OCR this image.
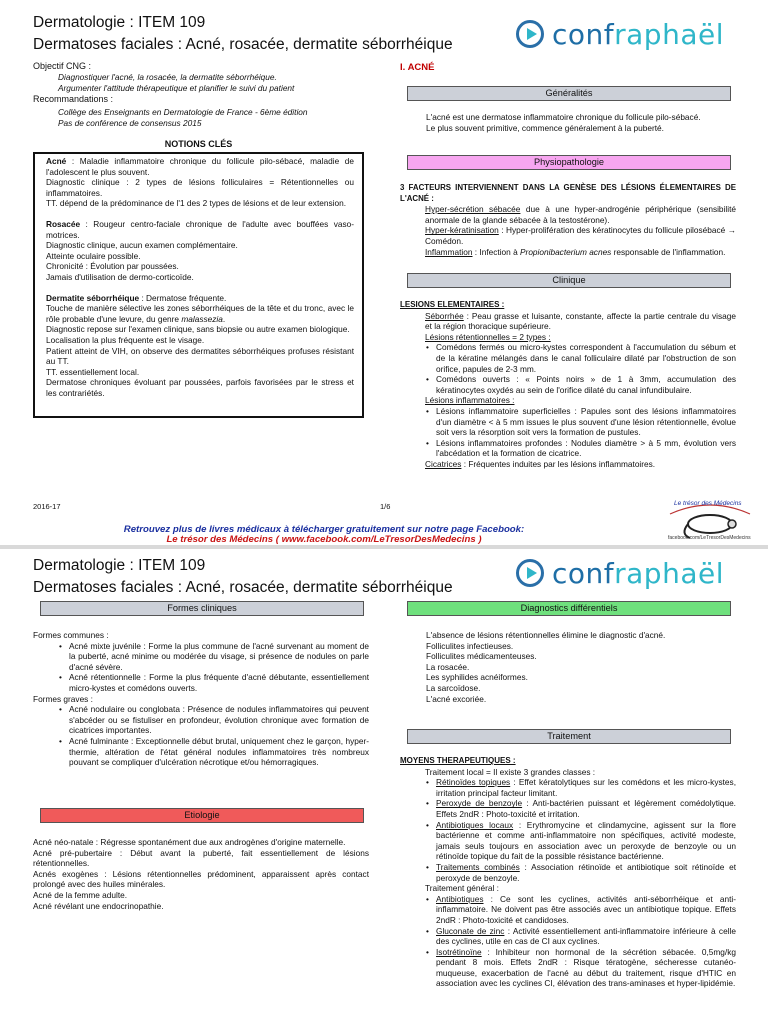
Dermatologie : ITEM 109
Dermatoses faciales : Acné, rosacée, dermatite séborrhéique	confraphaël
Objectif CNG :
Diagnostiquer l'acné, la rosacée, la dermatite séborrhéique.
Argumenter l'attitude thérapeutique et planifier le suivi du patient
Recommandations :
Collège des Enseignants en Dermatologie de France - 6ème édition
Pas de conférence de consensus 2015
NOTIONS CLÉS

Acné : Maladie inflammatoire chronique du follicule pilo-sébacé, maladie de l'adolescent le plus souvent.

Diagnostic clinique : 2 types de lésions folliculaires = Rétentionnelles ou inflammatoires.

TT. dépend de la prédominance de l'1 des 2 types de lésions et de leur extension.

Rosacée : Rougeur centro-faciale chronique de l'adulte avec bouffées vaso-motrices.

Diagnostic clinique, aucun examen complémentaire.

Atteinte oculaire possible.

Chronicité : Évolution par poussées.

Jamais d'utilisation de dermo-corticoïde.

Dermatite séborrhéique : Dermatose fréquente.

Touche de manière sélective les zones séborrhéiques de la tête et du tronc, avec le rôle probable d'une levure, du genre malassezia.

Diagnostic repose sur l'examen clinique, sans biopsie ou autre examen biologique.

Localisation la plus fréquente est le visage.

Patient atteint de VIH, on observe des dermatites séborrhéiques profuses résistant au TT.

TT. essentiellement local.

Dermatose chroniques évoluant par poussées, parfois favorisées par le stress et les contrariétés.

I. ACNÉ
Généralités

L'acné est une dermatose inflammatoire chronique du follicule pilo-sébacé.

Le plus souvent primitive, commence généralement à la puberté.

Physiopathologie

3 FACTEURS INTERVIENNENT DANS LA GENÈSE DES LÉSIONS ÉLEMENTAIRES DE L'ACNÉ :

Hyper-sécrétion sébacée due à une hyper-androgénie périphérique (sensibilité anormale de la glande sébacée à la testostérone).

Hyper-kératinisation : Hyper-prolifération des kératinocytes du follicule pilosébacé → Comédon.

Inflammation : Infection à Propionibacterium acnes responsable de l'inflammation.

Clinique

LESIONS ELEMENTAIRES :

Séborrhée : Peau grasse et luisante, constante, affecte la partie centrale du visage et la région thoracique supérieure.

Lésions rétentionnelles = 2 types :

• Comédons fermés ou micro-kystes correspondent à l'accumulation du sébum et de la kératine mélangés dans le canal folliculaire dilaté par l'obstruction de son orifice, papules de 2-3 mm.
• Comédons ouverts : « Points noirs » de 1 à 3mm, accumulation des kératinocytes oxydés au sein de l'orifice dilaté du canal infundibulaire.

Lésions inflammatoires :

• Lésions inflammatoire superficielles : Papules sont des lésions inflammatoires d'un diamètre < à 5 mm issues le plus souvent d'une lésion rétentionnelle, évolue soit vers la résorption soit vers la formation de pustules.
• Lésions inflammatoires profondes : Nodules diamètre > à 5 mm, évolution vers l'abcédation et la formation de cicatrice.

Cicatrices : Fréquentes induites par les lésions inflammatoires.

2016-17	1/6
Retrouvez plus de livres médicaux à télécharger gratuitement sur notre page Facebook:
Le trésor des Médecins ( www.facebook.com/LeTresorDesMedecins )
Le trésor des Médecins
facebook.com/LeTresorDesMedecins
Dermatologie : ITEM 109
Dermatoses faciales : Acné, rosacée, dermatite séborrhéique	confraphaël
Formes cliniques

Formes communes :

• Acné mixte juvénile : Forme la plus commune de l'acné survenant au moment de la puberté, acné minime ou modérée du visage, si présence de nodules on parle d'acné sévère.
• Acné rétentionnelle : Forme la plus fréquente d'acné débutante, essentiellement micro-kystes et comédons ouverts.

Formes graves :

• Acné nodulaire ou conglobata : Présence de nodules inflammatoires qui peuvent s'abcéder ou se fistuliser en profondeur, évolution chronique avec formation de cicatrices importantes.
• Acné fulminante : Exceptionnelle début brutal, uniquement chez le garçon, hyper-thermie, altération de l'état général nodules inflammatoires très nombreux pouvant se compliquer d'ulcération nécrotique et/ou hémorragiques.
Etiologie

Acné néo-natale : Régresse spontanément due aux androgènes d'origine maternelle.

Acné pré-pubertaire : Début avant la puberté, fait essentiellement de lésions rétentionnelles.

Acnés exogènes : Lésions rétentionnelles prédominent, apparaissent après contact prolongé avec des huiles minérales.

Acné de la femme adulte.

Acné révélant une endocrinopathie.

Diagnostics différentiels

L'absence de lésions rétentionnelles élimine le diagnostic d'acné.

Folliculites infectieuses.

Folliculites médicamenteuses.

La rosacée.

Les syphilides acnéiformes.

La sarcoïdose.

L'acné excoriée.

Traitement

MOYENS THERAPEUTIQUES :

Traitement local = Il existe 3 grandes classes :

• Rétinoïdes topiques : Effet kératolytiques sur les comédons et les micro-kystes, irritation principal facteur limitant.
• Peroxyde de benzoyle : Anti-bactérien puissant et légèrement comédolytique. Effets 2ndR : Photo-toxicité et irritation.
• Antibiotiques locaux : Erythromycine et clindamycine, agissent sur la flore bactérienne et comme anti-inflammatoire non spécifiques, activité modeste, jamais seuls toujours en association avec un peroxyde de benzoyle ou un rétinoïde topique du fait de la possible résistance bactérienne.
• Traitements combinés : Association rétinoïde et antibiotique soit rétinoïde et peroxyde de benzoyle.

Traitement général :

• Antibiotiques : Ce sont les cyclines, activités anti-séborrhéique et anti-inflammatoire. Ne doivent pas être associés avec un antibiotique topique. Effets 2ndR : Photo-toxicité et candidoses.
• Gluconate de zinc : Activité essentiellement anti-inflammatoire inférieure à celle des cyclines, utile en cas de CI aux cyclines.
• Isotrétinoïne : Inhibiteur non hormonal de la sécrétion sébacée. 0,5mg/kg pendant 8 mois. Effets 2ndR : Risque tératogène, sécheresse cutanéo-muqueuse, exacerbation de l'acné au début du traitement, risque d'HTIC en association avec les cyclines CI, élévation des trans-aminases et hyper-lipidémie.
